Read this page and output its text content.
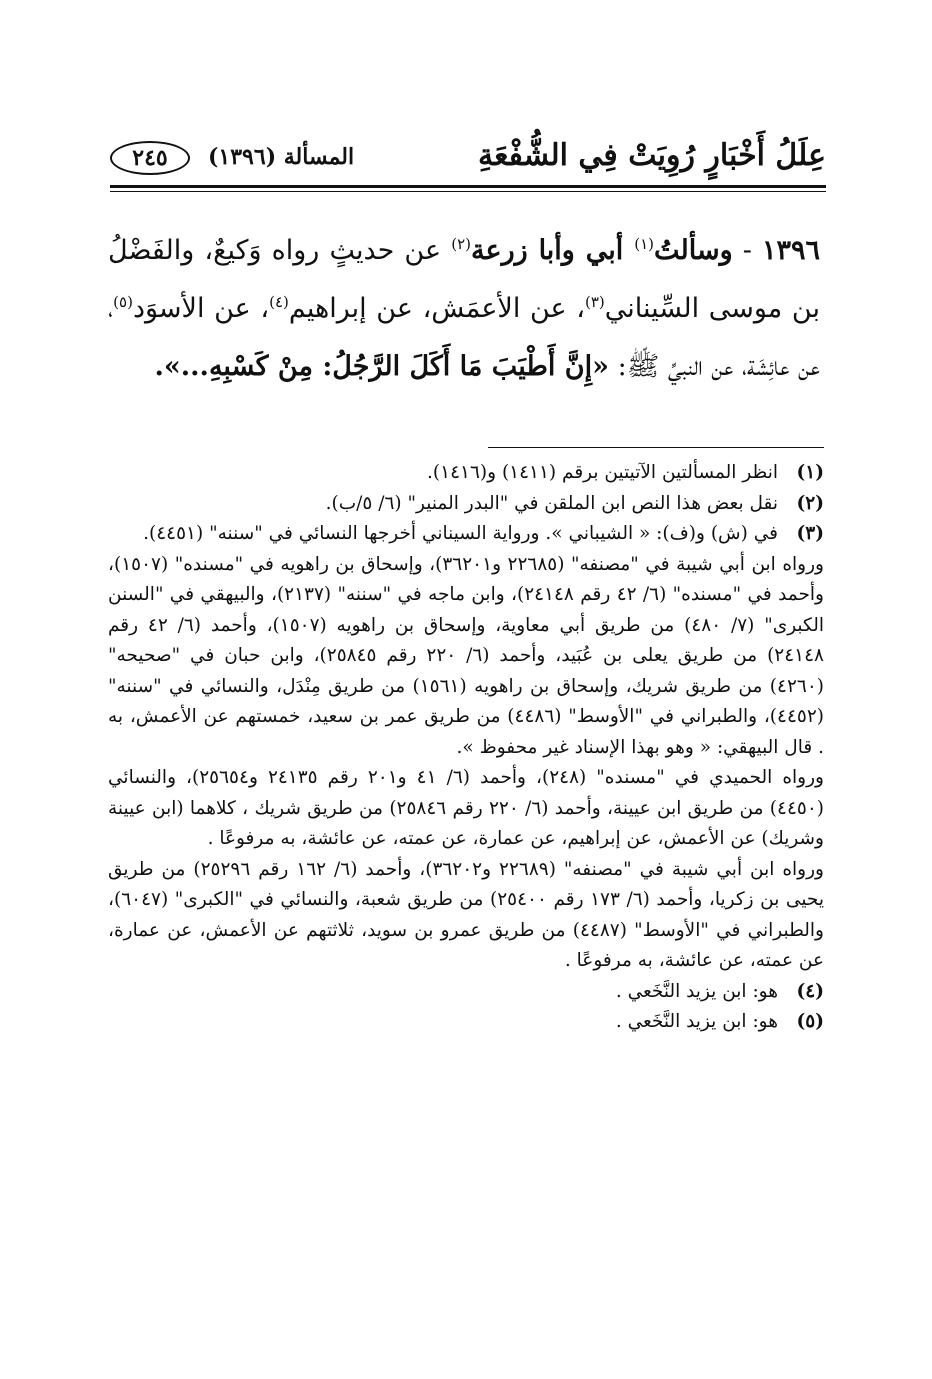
عِلَلُ أَخْبَارٍ رُوِيَتْ فِي الشُّفْعَةِ
المسألة (١٣٩٦)
٢٤٥
١٣٩٦ - وسألتُ$^{(١)}$ أبي وأبا زرعة$^{(٢)}$ عن حديثٍ رواه وَكيعٌ، والفَضْلُ بن موسى السِّيناني$^{(٣)}$، عن الأعمَش، عن إبراهيم$^{(٤)}$، عن الأسوَد$^{(٥)}$، عن عائِشَة، عن النبيِّ ﷺ: «إِنَّ أَطْيَبَ مَا أَكَلَ الرَّجُلُ: مِنْ كَسْبِهِ...».
(١)
انظر المسألتين الآتيتين برقم (١٤١١) و(١٤١٦).
(٢)
نقل بعض هذا النص ابن الملقن في "البدر المنير" (٦/ ٥/ب).
(٣)
في (ش) و(ف): « الشيباني ». ورواية السيناني أخرجها النسائي في "سننه" (٤٤٥١).
ورواه ابن أبي شيبة في "مصنفه" (٢٢٦٨٥ و٣٦٢٠١)، وإسحاق بن راهويه في "مسنده" (١٥٠٧)، وأحمد في "مسنده" (٦/ ٤٢ رقم ٢٤١٤٨)، وابن ماجه في "سننه" (٢١٣٧)، والبيهقي في "السنن الكبرى" (٧/ ٤٨٠) من طريق أبي معاوية، وإسحاق بن راهويه (١٥٠٧)، وأحمد (٦/ ٤٢ رقم ٢٤١٤٨) من طريق يعلى بن عُبَيد، وأحمد (٦/ ٢٢٠ رقم ٢٥٨٤٥)، وابن حبان في "صحيحه" (٤٢٦٠) من طريق شريك، وإسحاق بن راهويه (١٥٦١) من طريق مِنْدَل، والنسائي في "سننه" (٤٤٥٢)، والطبراني في "الأوسط" (٤٤٨٦) من طريق عمر بن سعيد، خمستهم عن الأعمش، به . قال البيهقي: « وهو بهذا الإسناد غير محفوظ ».
ورواه الحميدي في "مسنده" (٢٤٨)، وأحمد (٦/ ٤١ و٢٠١ رقم ٢٤١٣٥ و٢٥٦٥٤)، والنسائي (٤٤٥٠) من طريق ابن عيينة، وأحمد (٦/ ٢٢٠ رقم ٢٥٨٤٦) من طريق شريك ، كلاهما (ابن عيينة وشريك) عن الأعمش، عن إبراهيم، عن عمارة، عن عمته، عن عائشة، به مرفوعًا .
ورواه ابن أبي شيبة في "مصنفه" (٢٢٦٨٩ و٣٦٢٠٢)، وأحمد (٦/ ١٦٢ رقم ٢٥٢٩٦) من طريق يحيى بن زكريا، وأحمد (٦/ ١٧٣ رقم ٢٥٤٠٠) من طريق شعبة، والنسائي في "الكبرى" (٦٠٤٧)، والطبراني في "الأوسط" (٤٤٨٧) من طريق عمرو بن سويد، ثلاثتهم عن الأعمش، عن عمارة، عن عمته، عن عائشة، به مرفوعًا .
(٤)
هو: ابن يزيد النَّخَعي .
(٥)
هو: ابن يزيد النَّخَعي .
